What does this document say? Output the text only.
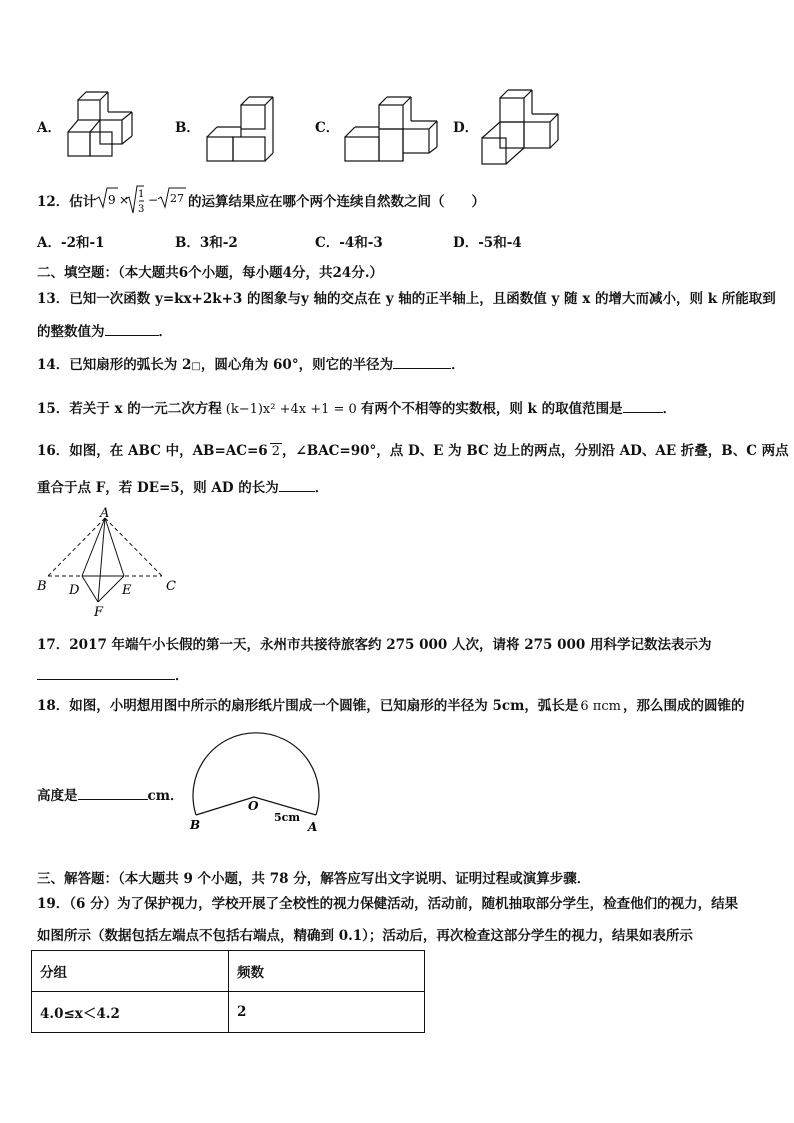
A．	B．	C．	D．
12．估计 9 × 1
3
− 27 的运算结果应在哪个两个连续自然数之间（　　）
A．-2和-1	B．3和-2	C．-4和-3	D．-5和-4
二、填空题：（本大题共6个小题，每小题4分，共24分.）
13．已知一次函数 y=kx+2k+3 的图象与y 轴的交点在 y 轴的正半轴上，且函数值 y 随 x 的增大而减小，则 k 所能取到
的整数值为	．
14．已知扇形的弧长为 2□，圆心角为 60°，则它的半径为	．
15．若关于 x 的一元二次方程 (k−1)x² +4x +1 = 0 有两个不相等的实数根，则 k 的取值范围是	．
16．如图，在 ABC 中，AB=AC=6 2 ，∠BAC=90°，点 D、E 为 BC 边上的两点，分别沿 AD、AE 折叠，B、C 两点
重合于点 F，若 DE=5，则 AD 的长为	．
A
B	C
D	E
F
17．2017 年端午小长假的第一天，永州市共接待旅客约 275 000 人次，请将 275 000 用科学记数法表示为
．
18．如图，小明想用图中所示的扇形纸片围成一个圆锥，已知扇形的半径为 5cm，弧长是 6 πcm ，那么围成的圆锥的
高度是	cm．
O
B	A
5cm
三、解答题：（本大题共 9 个小题，共 78 分，解答应写出文字说明、证明过程或演算步骤．
19．（6 分）为了保护视力，学校开展了全校性的视力保健活动，活动前，随机抽取部分学生，检查他们的视力，结果
如图所示（数据包括左端点不包括右端点，精确到 0.1）；活动后，再次检查这部分学生的视力，结果如表所示
分组	频数
4.0≤x＜4.2	2
